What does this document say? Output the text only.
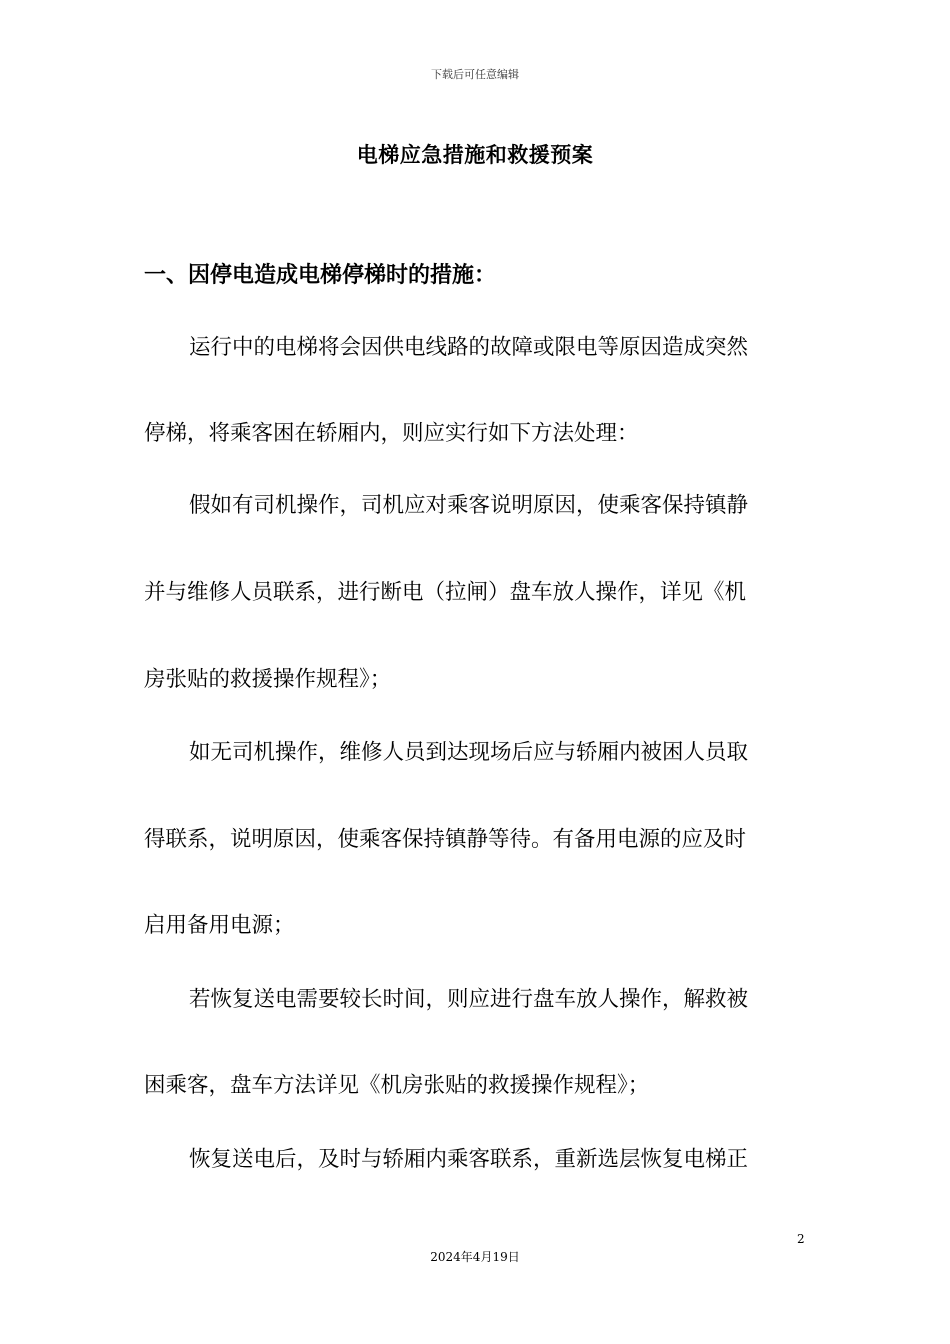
下载后可任意编辑
电梯应急措施和救援预案
一、因停电造成电梯停梯时的措施：
运行中的电梯将会因供电线路的故障或限电等原因造成突然
停梯，将乘客困在轿厢内，则应实行如下方法处理：
假如有司机操作，司机应对乘客说明原因，使乘客保持镇静
并与维修人员联系，进行断电（拉闸）盘车放人操作，详见《机
房张贴的救援操作规程》；
如无司机操作，维修人员到达现场后应与轿厢内被困人员取
得联系，说明原因，使乘客保持镇静等待。有备用电源的应及时
启用备用电源；
若恢复送电需要较长时间，则应进行盘车放人操作，解救被
困乘客，盘车方法详见《机房张贴的救援操作规程》；
恢复送电后，及时与轿厢内乘客联系，重新选层恢复电梯正
2
2024年4月19日
